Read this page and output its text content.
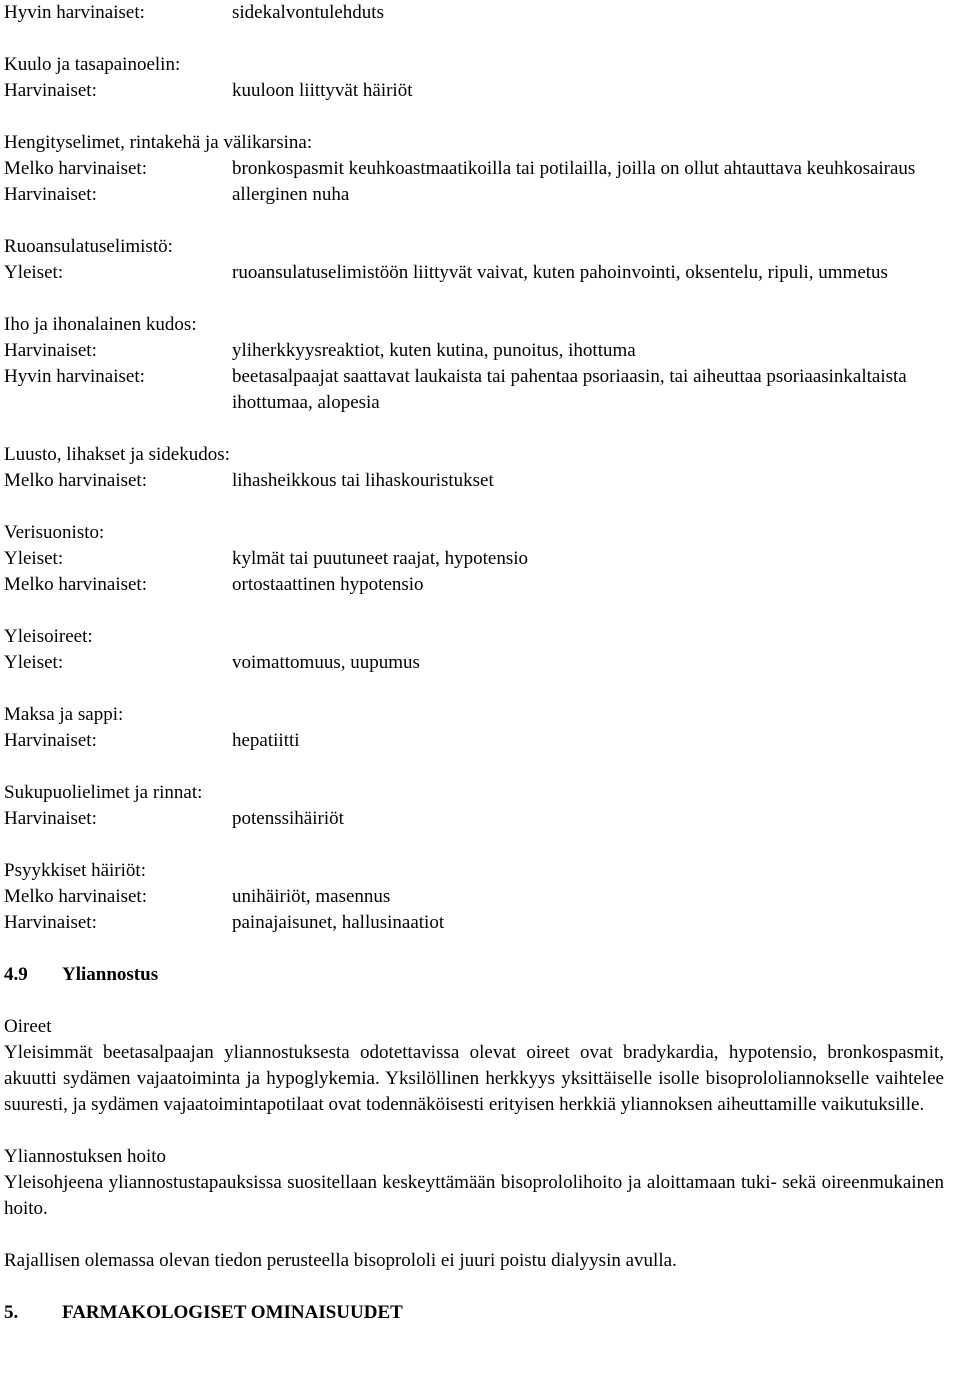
Hyvin harvinaiset:	sidekalvontulehduts
Kuulo ja tasapainoelin:
Harvinaiset:	kuuloon liittyvät häiriöt
Hengityselimet, rintakehä ja välikarsina:
Melko harvinaiset:	bronkospasmit keuhkoastmaatikoilla tai potilailla, joilla on ollut ahtauttava keuhkosairaus
Harvinaiset:	allerginen nuha
Ruoansulatuselimistö:
Yleiset:	ruoansulatuselimistöön liittyvät vaivat, kuten pahoinvointi, oksentelu, ripuli, ummetus
Iho ja ihonalainen kudos:
Harvinaiset:	yliherkkyysreaktiot, kuten kutina, punoitus, ihottuma
Hyvin harvinaiset:	beetasalpaajat saattavat laukaista tai pahentaa psoriaasin, tai aiheuttaa psoriaasinkaltaista ihottumaa, alopesia
Luusto, lihakset ja sidekudos:
Melko harvinaiset:	lihasheikkous tai lihaskouristukset
Verisuonisto:
Yleiset:	kylmät tai puutuneet raajat, hypotensio
Melko harvinaiset:	ortostaattinen hypotensio
Yleisoireet:
Yleiset:	voimattomuus, uupumus
Maksa ja sappi:
Harvinaiset:	hepatiitti
Sukupuolielimet ja rinnat:
Harvinaiset:	potenssihäiriöt
Psyykkiset häiriöt:
Melko harvinaiset:	unihäiriöt, masennus
Harvinaiset:	painajaisunet, hallusinaatiot
4.9 Yliannostus
Oireet
Yleisimmät beetasalpaajan yliannostuksesta odotettavissa olevat oireet ovat bradykardia, hypotensio, bronkospasmit, akuutti sydämen vajaatoiminta ja hypoglykemia. Yksilöllinen herkkyys yksittäiselle isolle bisoprololiannokselle vaihtelee suuresti, ja sydämen vajaatoimintapotilaat ovat todennäköisesti erityisen herkkiä yliannoksen aiheuttamille vaikutuksille.
Yliannostuksen hoito
Yleisohjeena yliannostustapauksissa suositellaan keskeyttämään bisoprololihoito ja aloittamaan tuki- sekä oireenmukainen hoito.
Rajallisen olemassa olevan tiedon perusteella bisoprololi ei juuri poistu dialyysin avulla.
5. FARMAKOLOGISET OMINAISUUDET
